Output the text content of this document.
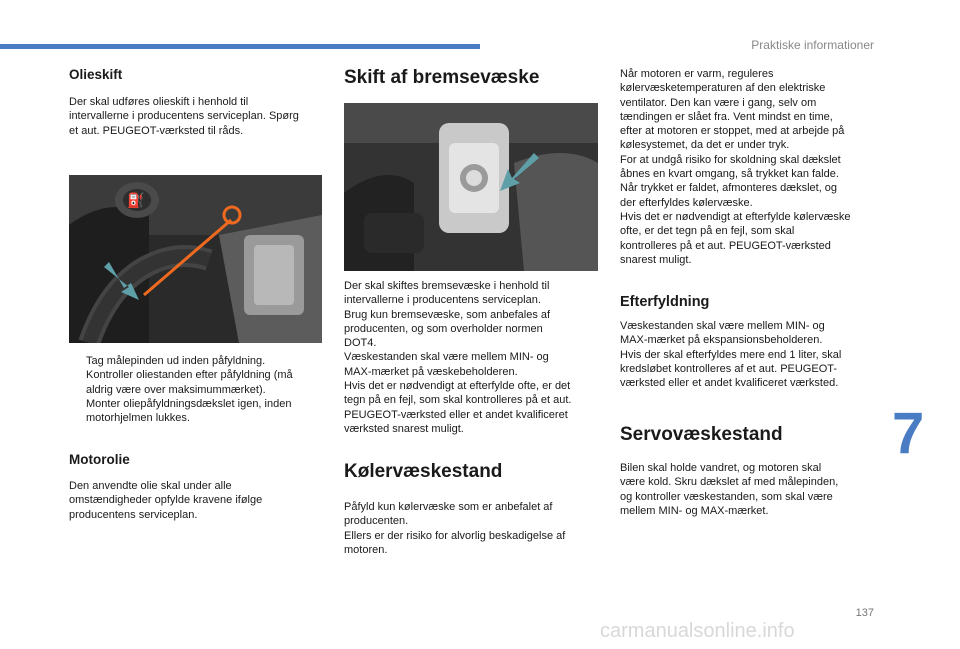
Praktiske informationer
Olieskift
Der skal udføres olieskift i henhold til
intervallerne i producentens serviceplan. Spørg
et aut. PEUGEOT-værksted til råds.
⛽
Tag målepinden ud inden påfyldning.
Kontroller oliestanden efter påfyldning (må
aldrig være over maksimummærket).
Monter oliepåfyldningsdækslet igen, inden
motorhjelmen lukkes.
Motorolie
Den anvendte olie skal under alle
omstændigheder opfylde kravene ifølge
producentens serviceplan.
Skift af bremsevæske
Der skal skiftes bremsevæske i henhold til
intervallerne i producentens serviceplan.
Brug kun bremsevæske, som anbefales af
producenten, og som overholder normen
DOT4.
Væskestanden skal være mellem MIN- og
MAX-mærket på væskebeholderen.
Hvis det er nødvendigt at efterfylde ofte, er det
tegn på en fejl, som skal kontrolleres på et aut.
PEUGEOT-værksted eller et andet kvalificeret
værksted snarest muligt.
Kølervæskestand
Påfyld kun kølervæske som er anbefalet af
producenten.
Ellers er der risiko for alvorlig beskadigelse af
motoren.
Når motoren er varm, reguleres
kølervæsketemperaturen af den elektriske
ventilator. Den kan være i gang, selv om
tændingen er slået fra. Vent mindst en time,
efter at motoren er stoppet, med at arbejde på
kølesystemet, da det er under tryk.
For at undgå risiko for skoldning skal dækslet
åbnes en kvart omgang, så trykket kan falde.
Når trykket er faldet, afmonteres dækslet, og
der efterfyldes kølervæske.
Hvis det er nødvendigt at efterfylde kølervæske
ofte, er det tegn på en fejl, som skal
kontrolleres på et aut. PEUGEOT-værksted
snarest muligt.
Efterfyldning
Væskestanden skal være mellem MIN- og
MAX-mærket på ekspansionsbeholderen.
Hvis der skal efterfyldes mere end 1 liter, skal
kredsløbet kontrolleres af et aut. PEUGEOT-
værksted eller et andet kvalificeret værksted.
Servovæskestand
Bilen skal holde vandret, og motoren skal
være kold. Skru dækslet af med målepinden,
og kontroller væskestanden, som skal være
mellem MIN- og MAX-mærket.
7
137
carmanualsonline.info
